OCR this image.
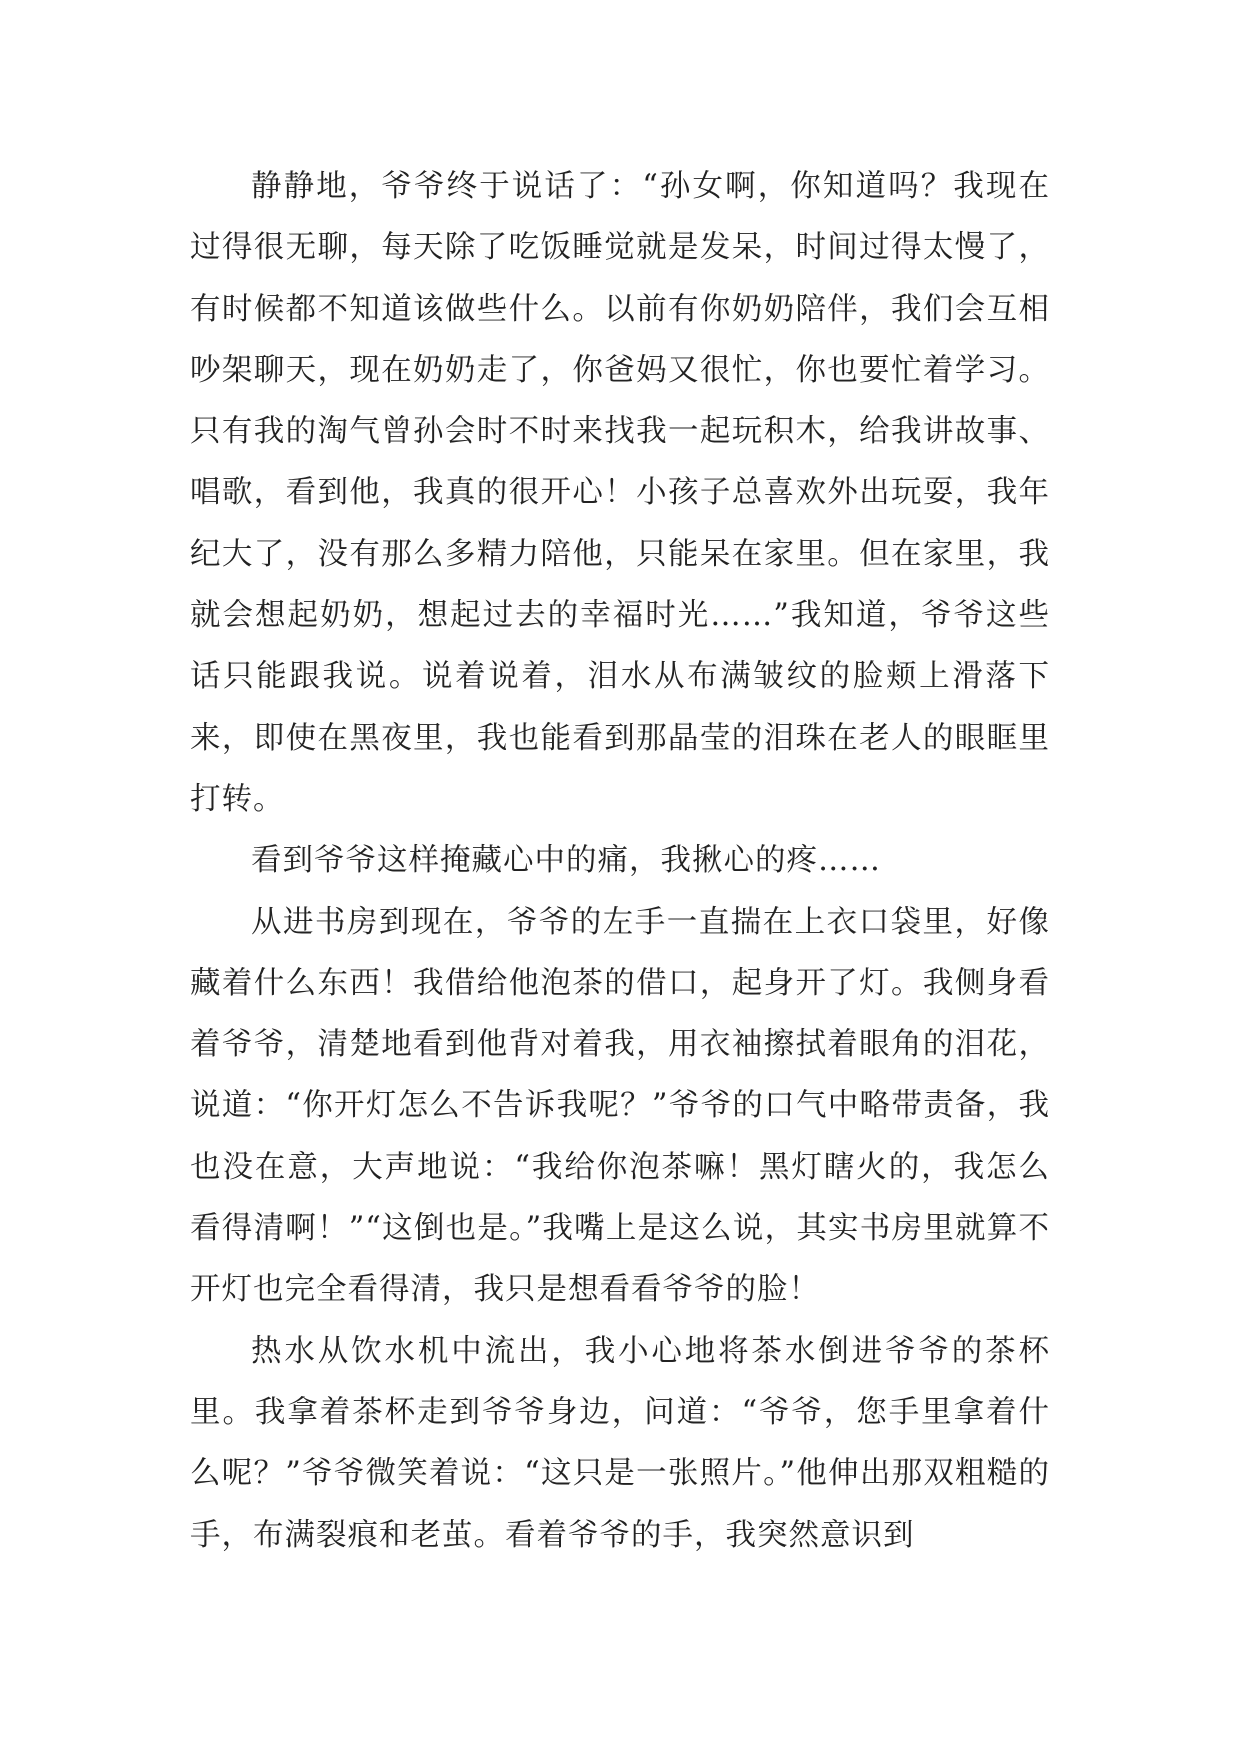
静静地，爷爷终于说话了：“孙女啊，你知道吗？我现在过得很无聊，每天除了吃饭睡觉就是发呆，时间过得太慢了，有时候都不知道该做些什么。以前有你奶奶陪伴，我们会互相吵架聊天，现在奶奶走了，你爸妈又很忙，你也要忙着学习。只有我的淘气曾孙会时不时来找我一起玩积木，给我讲故事、唱歌，看到他，我真的很开心！小孩子总喜欢外出玩耍，我年纪大了，没有那么多精力陪他，只能呆在家里。但在家里，我就会想起奶奶，想起过去的幸福时光……”我知道，爷爷这些话只能跟我说。说着说着，泪水从布满皱纹的脸颊上滑落下来，即使在黑夜里，我也能看到那晶莹的泪珠在老人的眼眶里打转。

看到爷爷这样掩藏心中的痛，我揪心的疼……

从进书房到现在，爷爷的左手一直揣在上衣口袋里，好像藏着什么东西！我借给他泡茶的借口，起身开了灯。我侧身看着爷爷，清楚地看到他背对着我，用衣袖擦拭着眼角的泪花，说道：“你开灯怎么不告诉我呢？”爷爷的口气中略带责备，我也没在意，大声地说：“我给你泡茶嘛！黑灯瞎火的，我怎么看得清啊！”“这倒也是。”我嘴上是这么说，其实书房里就算不开灯也完全看得清，我只是想看看爷爷的脸！

热水从饮水机中流出，我小心地将茶水倒进爷爷的茶杯里。我拿着茶杯走到爷爷身边，问道：“爷爷，您手里拿着什么呢？”爷爷微笑着说：“这只是一张照片。”他伸出那双粗糙的手，布满裂痕和老茧。看着爷爷的手，我突然意识到
